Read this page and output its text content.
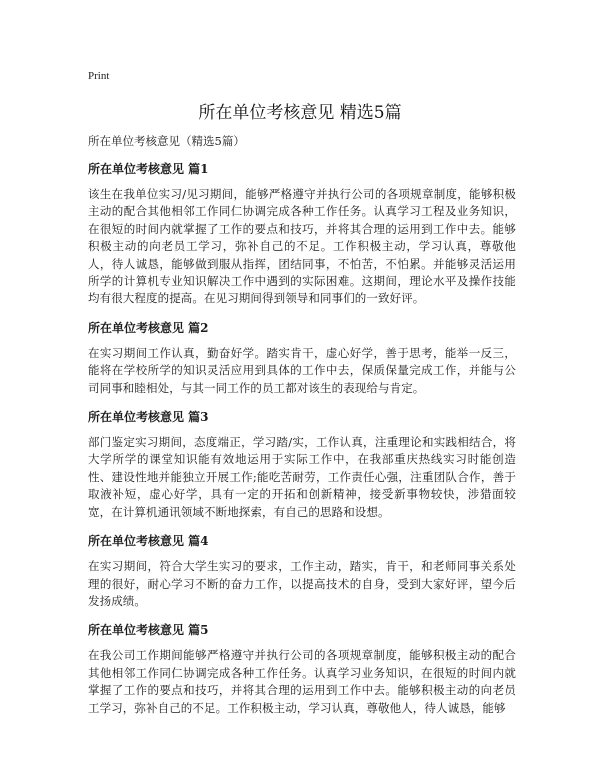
Print
所在单位考核意见 精选5篇

所在单位考核意见（精选5篇）

所在单位考核意见 篇1

该生在我单位实习/见习期间，能够严格遵守并执行公司的各项规章制度，能够积极主动的配合其他相邻工作同仁协调完成各种工作任务。认真学习工程及业务知识，在很短的时间内就掌握了工作的要点和技巧，并将其合理的运用到工作中去。能够积极主动的向老员工学习，弥补自己的不足。工作积极主动，学习认真，尊敬他人，待人诚恳，能够做到服从指挥，团结同事，不怕苦，不怕累。并能够灵活运用所学的计算机专业知识解决工作中遇到的实际困难。这期间，理论水平及操作技能均有很大程度的提高。在见习期间得到领导和同事们的一致好评。

所在单位考核意见 篇2

在实习期间工作认真，勤奋好学。踏实肯干，虚心好学，善于思考，能举一反三，能将在学校所学的知识灵活应用到具体的工作中去，保质保量完成工作，并能与公司同事和睦相处，与其一同工作的员工都对该生的表现给与肯定。

所在单位考核意见 篇3

部门鉴定实习期间，态度端正，学习踏/实，工作认真，注重理论和实践相结合，将大学所学的课堂知识能有效地运用于实际工作中，在我部重庆热线实习时能创造性、建设性地并能独立开展工作;能吃苦耐劳，工作责任心强，注重团队合作，善于取液补短，虚心好学，具有一定的开拓和创新精神，接受新事物较快，涉猎面较宽，在计算机通讯领域不断地探索，有自己的思路和设想。

所在单位考核意见 篇4

在实习期间，符合大学生实习的要求，工作主动，踏实，肯干，和老师同事关系处理的很好，耐心学习不断的奋力工作，以提高技术的自身，受到大家好评，望今后发扬成绩。

所在单位考核意见 篇5

在我公司工作期间能够严格遵守并执行公司的各项规章制度，能够积极主动的配合其他相邻工作同仁协调完成各种工作任务。认真学习业务知识，在很短的时间内就掌握了工作的要点和技巧，并将其合理的运用到工作中去。能够积极主动的向老员工学习，弥补自己的不足。工作积极主动，学习认真，尊敬他人，待人诚恳，能够
